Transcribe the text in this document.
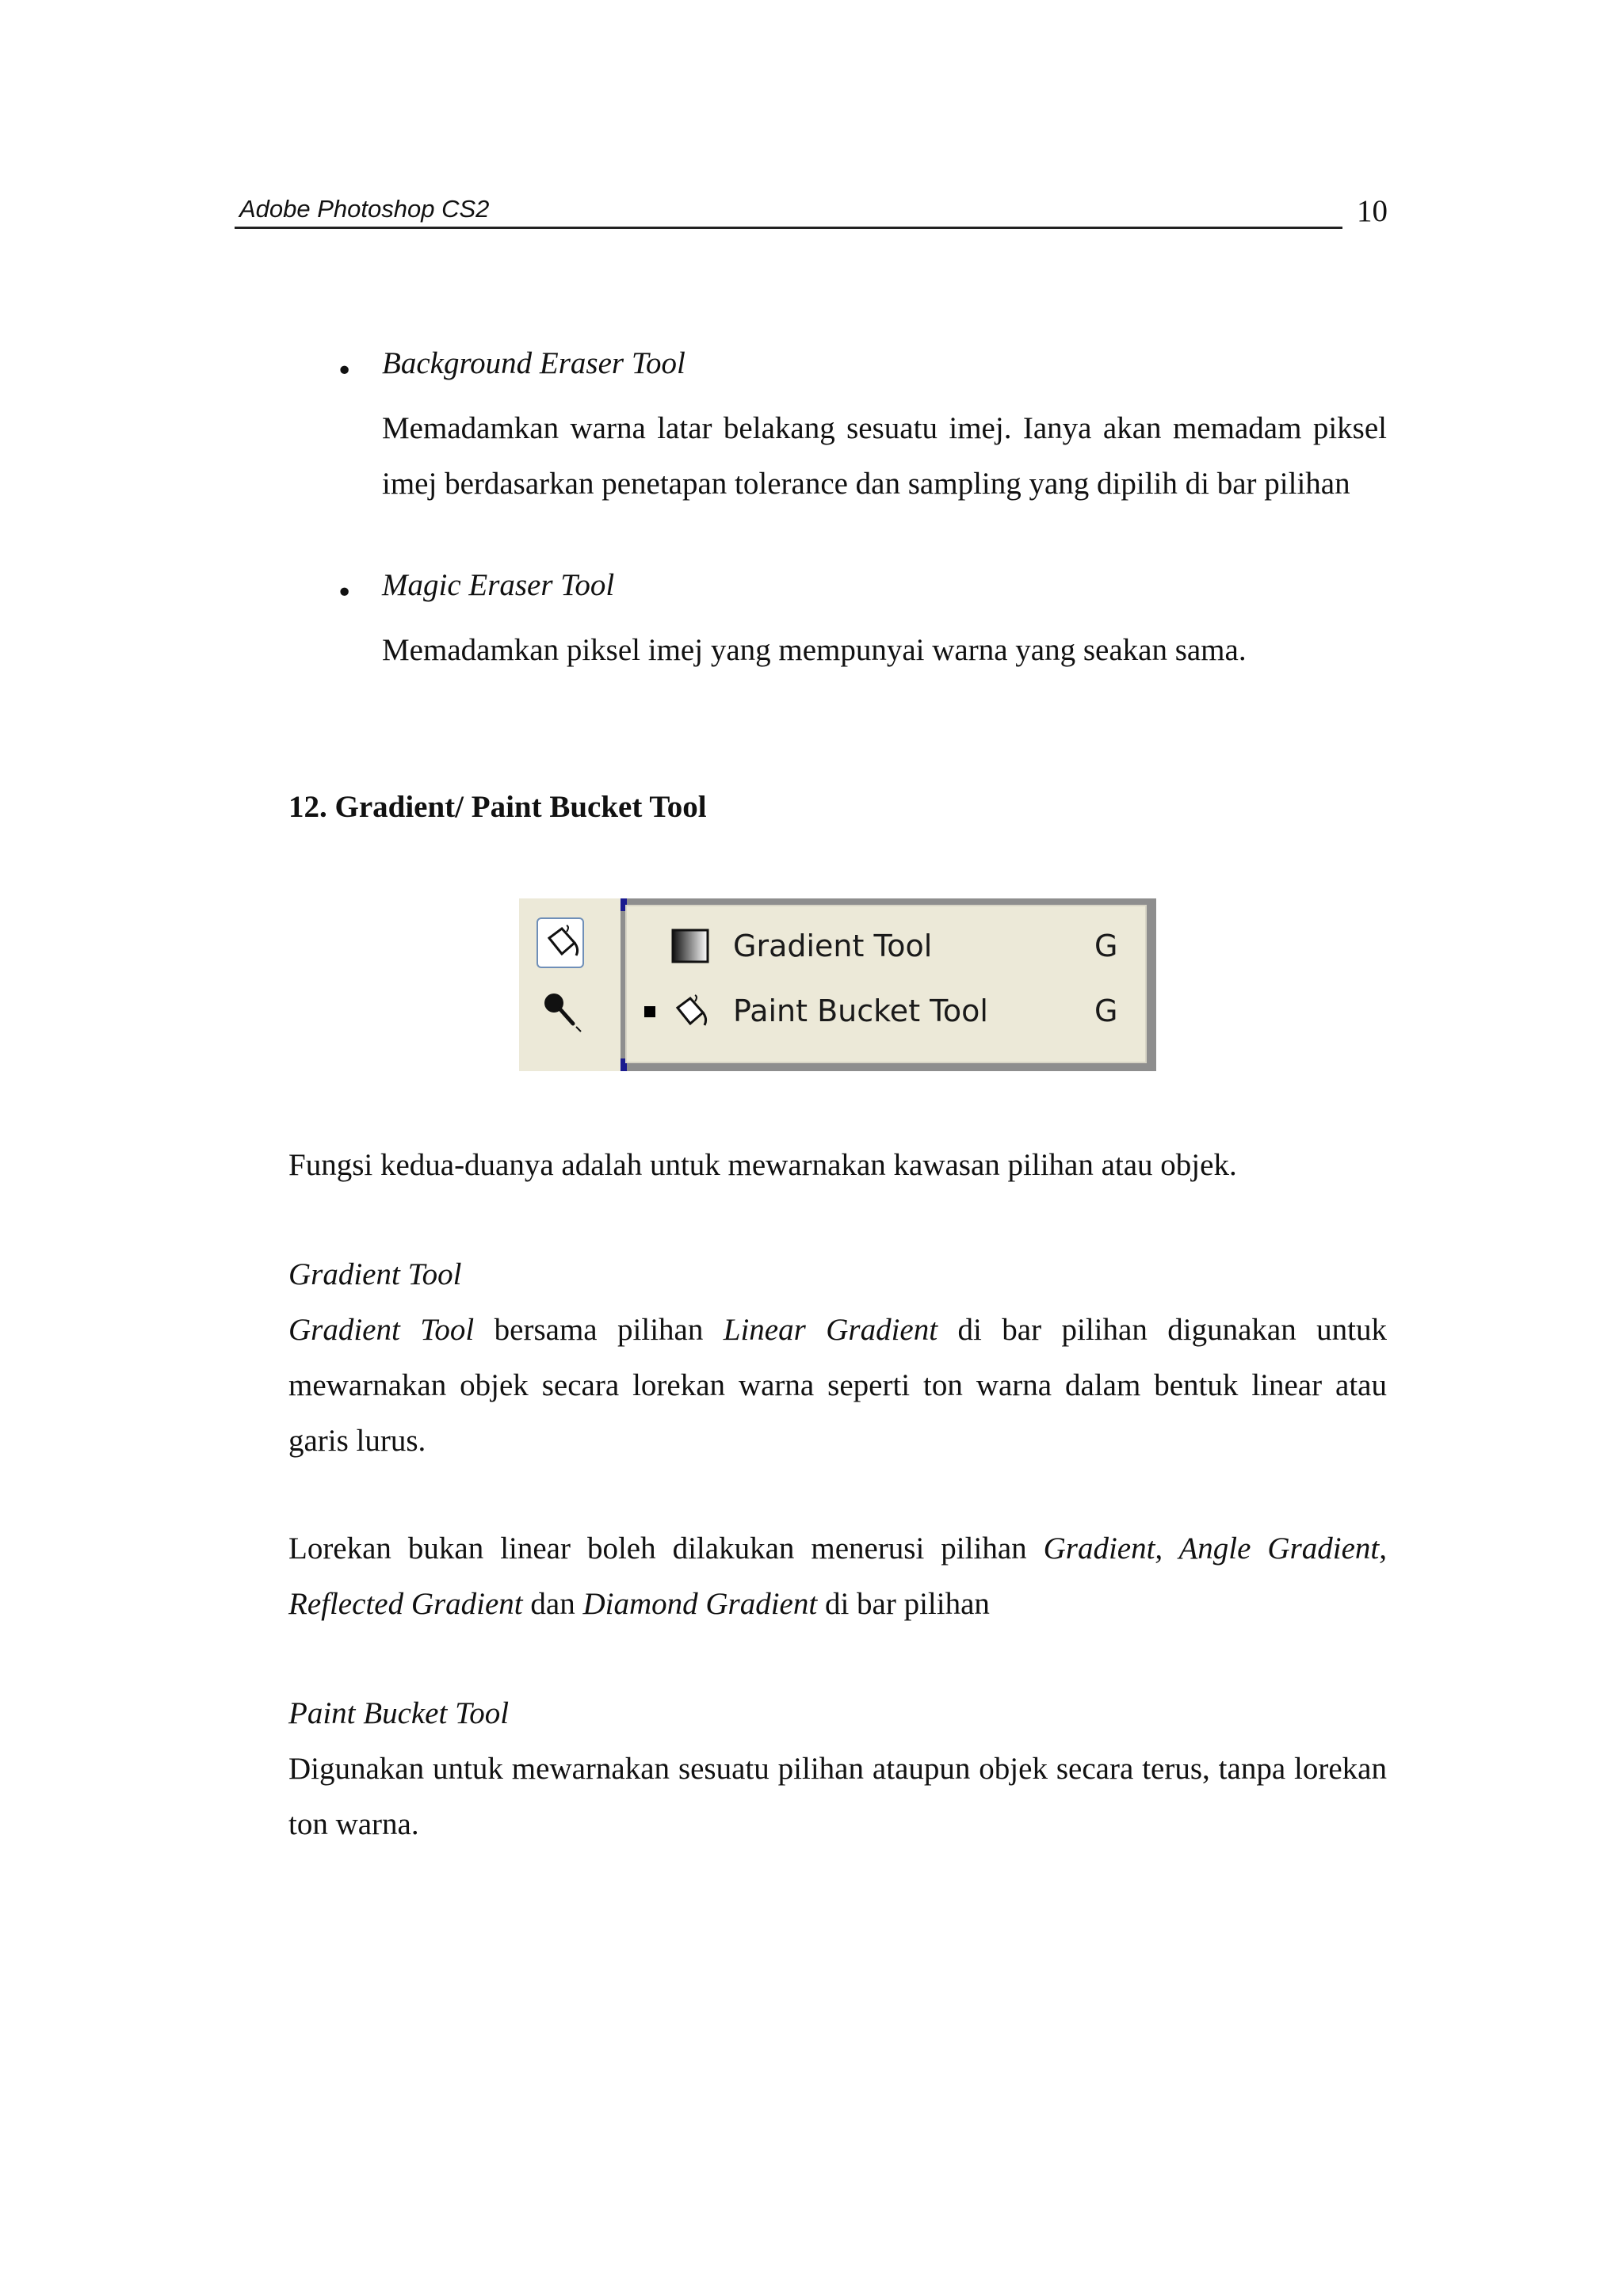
Adobe Photoshop CS2	10
• Background Eraser Tool
Memadamkan warna latar belakang sesuatu imej. Ianya akan memadam piksel imej berdasarkan penetapan tolerance dan sampling yang dipilih di bar pilihan
• Magic Eraser Tool
Memadamkan piksel imej yang mempunyai warna yang seakan sama.
12. Gradient/ Paint Bucket Tool
Gradient Tool	G
Paint Bucket Tool	G
Fungsi kedua-duanya adalah untuk mewarnakan kawasan pilihan atau objek.
Gradient Tool
Gradient Tool bersama pilihan Linear Gradient di bar pilihan digunakan untuk mewarnakan objek secara lorekan warna seperti ton warna dalam bentuk linear atau garis lurus.
Lorekan bukan linear boleh dilakukan menerusi pilihan Gradient, Angle Gradient, Reflected Gradient dan Diamond Gradient di bar pilihan
Paint Bucket Tool
Digunakan untuk mewarnakan sesuatu pilihan ataupun objek secara terus, tanpa lorekan ton warna.
